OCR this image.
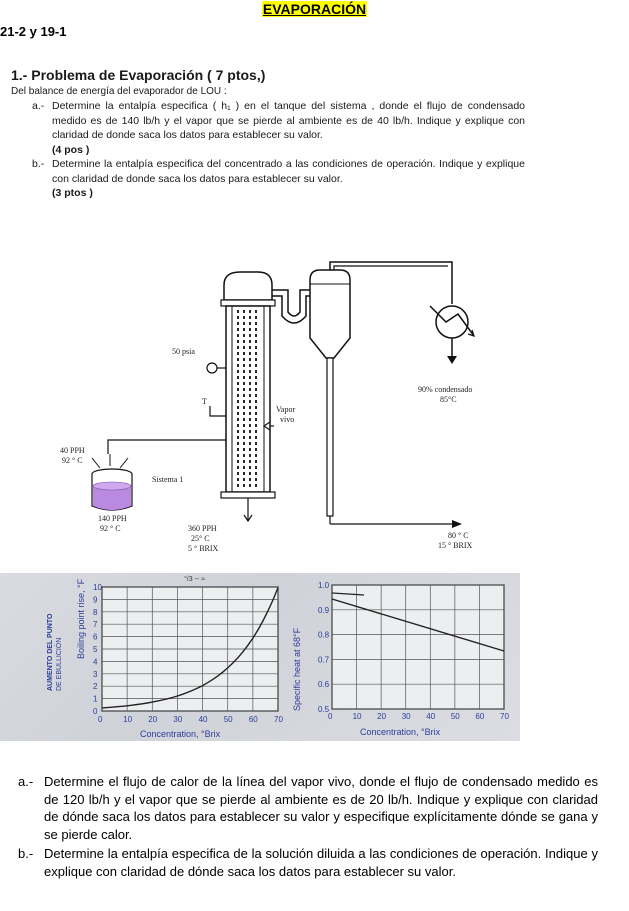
EVAPORACIÓN
21-2 y 19-1
1.- Problema de Evaporación ( 7 ptos,)
Del balance de energía del evaporador de LOU :
a.- Determine la entalpía especifica ( h₁ ) en el tanque del sistema , donde el flujo de condensado medido es de 140 lb/h y el vapor que se pierde al ambiente es de 40 lb/h. Indique y explique con claridad de donde saca los datos para establecer su valor.
(4 pos )
b.- Determine la entalpía especifica del concentrado a las condiciones de operación. Indique y explique con claridad de donde saca los datos para establecer su valor.
(3 ptos )
90% condensado
85°C
80 ° C
15 ° BRIX
360 PPH
25° C
5 ° BRIX
50 psia
T
Vapor
vivo
40 PPH
92 ° C
Sistema 1
140 PPH
92 ° C
AUMENTO DEL PUNTO DE EBULLICIÓN
°/3 -- ≈
Boiling point rise, °F
0
1
2
3
4
5
6
7
8
9
10
0	10 20 30 40 50 60 70
Concentration, °Brix
Specific heat at 68°F 0.5
0.6
0.7
0.8
0.9
1.0
0	10 20 30 40 50 60 70
Concentration, °Brix
a.- Determine el flujo de calor de la línea del vapor vivo, donde el flujo de condensado medido es de 120 lb/h y el vapor que se pierde al ambiente es de 20 lb/h. Indique y explique con claridad de dónde saca los datos para establecer su valor y especifique explícitamente dónde se gana y se pierde calor.
b.- Determine la entalpía especifica de la solución diluida a las condiciones de operación. Indique y explique con claridad de dónde saca los datos para establecer su valor.
